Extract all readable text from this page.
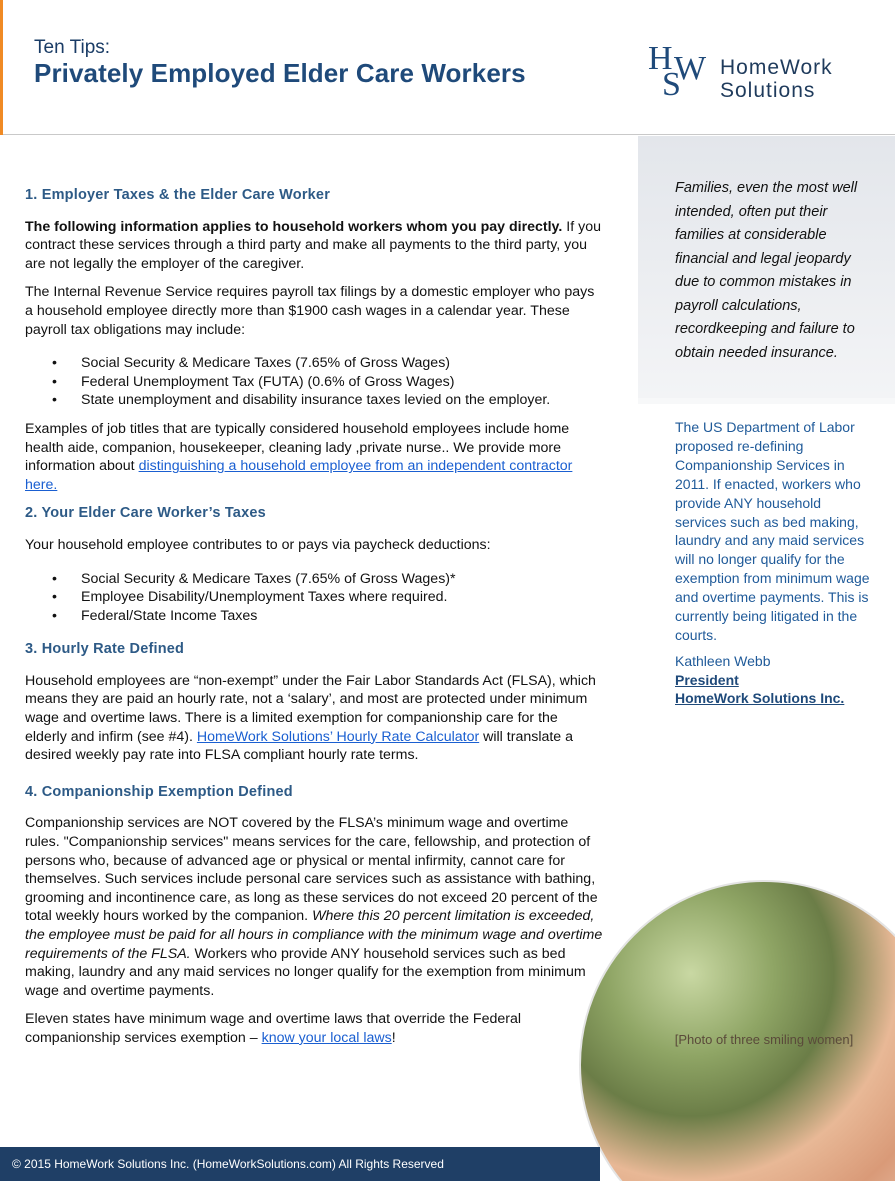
Ten Tips:
Privately Employed Elder Care Workers	H W
S HomeWork
Solutions
Families, even the most well intended, often put their families at considerable financial and legal jeopardy due to common mistakes in payroll calculations, recordkeeping and failure to obtain needed insurance.
The US Department of Labor proposed re-defining Companionship Services in 2011. If enacted, workers who provide ANY household services such as bed making, laundry and any maid services will no longer qualify for the exemption from minimum wage and overtime payments. This is currently being litigated in the courts.
Kathleen Webb
President
HomeWork Solutions Inc.
1. Employer Taxes & the Elder Care Worker

The following information applies to household workers whom you pay directly. If you contract these services through a third party and make all payments to the third party, you are not legally the employer of the caregiver.

The Internal Revenue Service requires payroll tax filings by a domestic employer who pays a household employee directly more than $1900 cash wages in a calendar year. These payroll tax obligations may include:

• Social Security & Medicare Taxes (7.65% of Gross Wages)
• Federal Unemployment Tax (FUTA) (0.6% of Gross Wages)
• State unemployment and disability insurance taxes levied on the employer.

Examples of job titles that are typically considered household employees include home health aide, companion, housekeeper, cleaning lady ,private nurse.. We provide more information about distinguishing a household employee from an independent contractor here.

2. Your Elder Care Worker’s Taxes

Your household employee contributes to or pays via paycheck deductions:

• Social Security & Medicare Taxes (7.65% of Gross Wages)*
• Employee Disability/Unemployment Taxes where required.
• Federal/State Income Taxes
3. Hourly Rate Defined

Household employees are “non-exempt” under the Fair Labor Standards Act (FLSA), which means they are paid an hourly rate, not a ‘salary’, and most are protected under minimum wage and overtime laws. There is a limited exemption for companionship care for the elderly and infirm (see #4). HomeWork Solutions’ Hourly Rate Calculator will translate a desired weekly pay rate into FLSA compliant hourly rate terms.

4. Companionship Exemption Defined

Companionship services are NOT covered by the FLSA’s minimum wage and overtime rules. "Companionship services" means services for the care, fellowship, and protection of persons who, because of advanced age or physical or mental infirmity, cannot care for themselves. Such services include personal care services such as assistance with bathing, grooming and incontinence care, as long as these services do not exceed 20 percent of the total weekly hours worked by the companion. Where this 20 percent limitation is exceeded, the employee must be paid for all hours in compliance with the minimum wage and overtime requirements of the FLSA. Workers who provide ANY household services such as bed making, laundry and any maid services no longer qualify for the exemption from minimum wage and overtime payments.

Eleven states have minimum wage and overtime laws that override the Federal companionship services exemption – know your local laws!	[Photo of three smiling women]
© 2015 HomeWork Solutions Inc. (HomeWorkSolutions.com) All Rights Reserved
